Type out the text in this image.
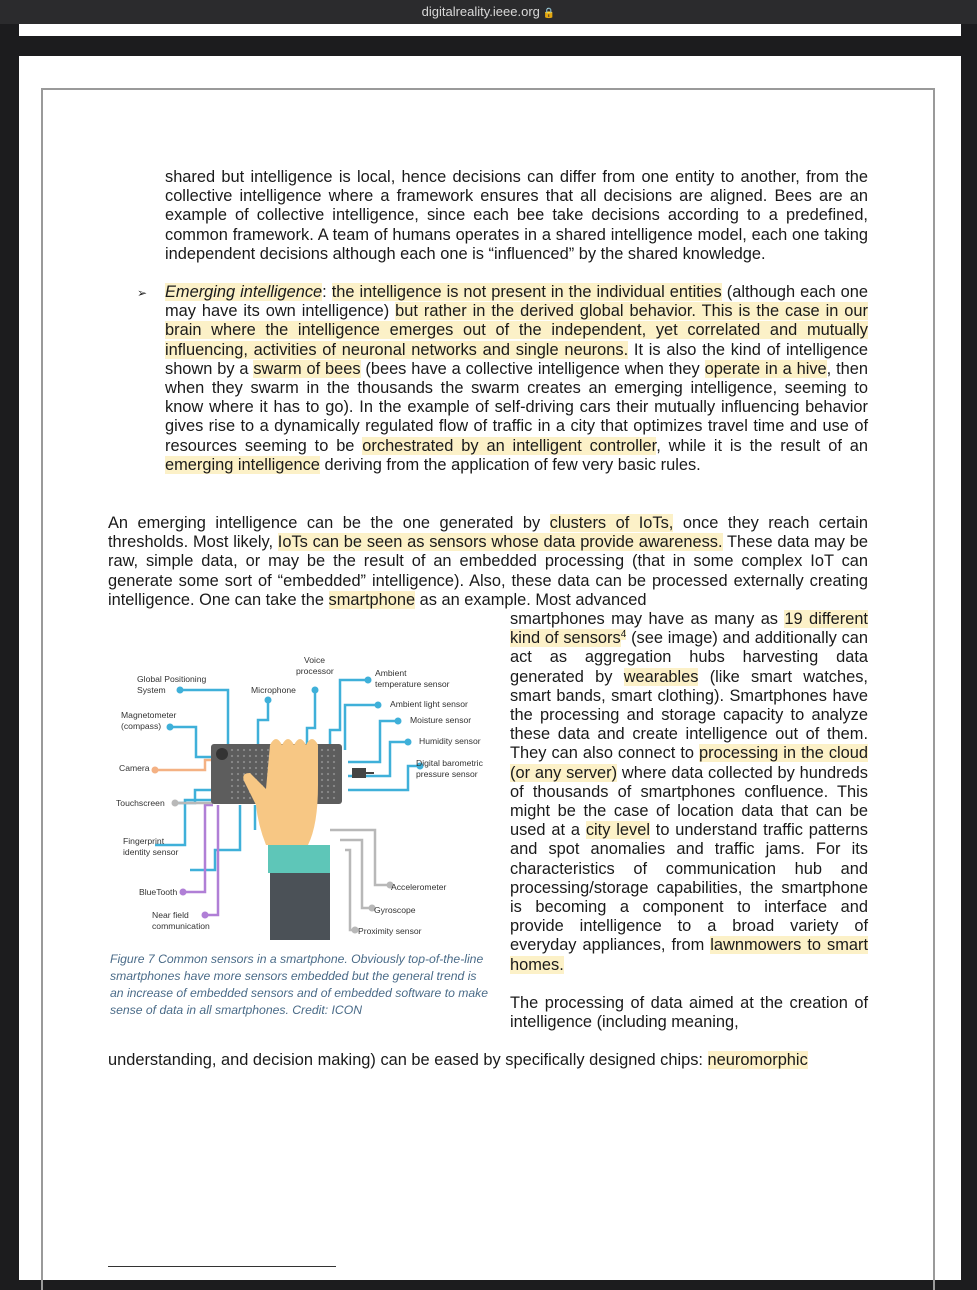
digitalreality.ieee.org 🔒

shared but intelligence is local, hence decisions can differ from one entity to another, from the collective intelligence where a framework ensures that all decisions are aligned. Bees are an example of collective intelligence, since each bee take decisions according to a predefined, common framework. A team of humans operates in a shared intelligence model, each one taking independent decisions although each one is “influenced” by the shared knowledge.

➢ Emerging intelligence: the intelligence is not present in the individual entities (although each one may have its own intelligence) but rather in the derived global behavior. This is the case in our brain where the intelligence emerges out of the independent, yet correlated and mutually influencing, activities of neuronal networks and single neurons. It is also the kind of intelligence shown by a swarm of bees (bees have a collective intelligence when they operate in a hive, then when they swarm in the thousands the swarm creates an emerging intelligence, seeming to know where it has to go). In the example of self-driving cars their mutually influencing behavior gives rise to a dynamically regulated flow of traffic in a city that optimizes travel time and use of resources seeming to be orchestrated by an intelligent controller, while it is the result of an emerging intelligence deriving from the application of few very basic rules.

An emerging intelligence can be the one generated by clusters of IoTs, once they reach certain thresholds. Most likely, IoTs can be seen as sensors whose data provide awareness. These data may be raw, simple data, or may be the result of an embedded processing (that in some complex IoT can generate some sort of “embedded” intelligence). Also, these data can be processed externally creating intelligence. One can take the smartphone as an example. Most advanced

smartphones may have as many as 19 different kind of sensors$^4$ (see image) and additionally can act as aggregation hubs harvesting data generated by wearables (like smart watches, smart bands, smart clothing). Smartphones have the processing and storage capacity to analyze these data and create intelligence out of them. They can also connect to processing in the cloud (or any server) where data collected by hundreds of thousands of smartphones confluence. This might be the case of location data that can be used at a city level to understand traffic patterns and spot anomalies and traffic jams. For its characteristics of communication hub and processing/storage capabilities, the smartphone is becoming a component to interface and provide intelligence to a broad variety of everyday appliances, from lawnmowers to smart homes.

The processing of data aimed at the creation of intelligence (including meaning,

understanding, and decision making) can be eased by specifically designed chips: neuromorphic

Global Positioning
System
Voice
processor	Ambient
temperature sensor
Microphone
Magnetometer
(compass)
Ambient light sensor
Moisture sensor
Humidity sensor
Digital barometric
pressure sensor
Camera
Touchscreen
Fingerprint
identity sensor
BlueTooth
Near field
communication
Accelerometer
Gyroscope
Proximity sensor
Figure 7 Common sensors in a smartphone. Obviously top-of-the-line smartphones have more sensors embedded but the general trend is an increase of embedded sensors and of embedded software to make sense of data in all smartphones. Credit: ICON
